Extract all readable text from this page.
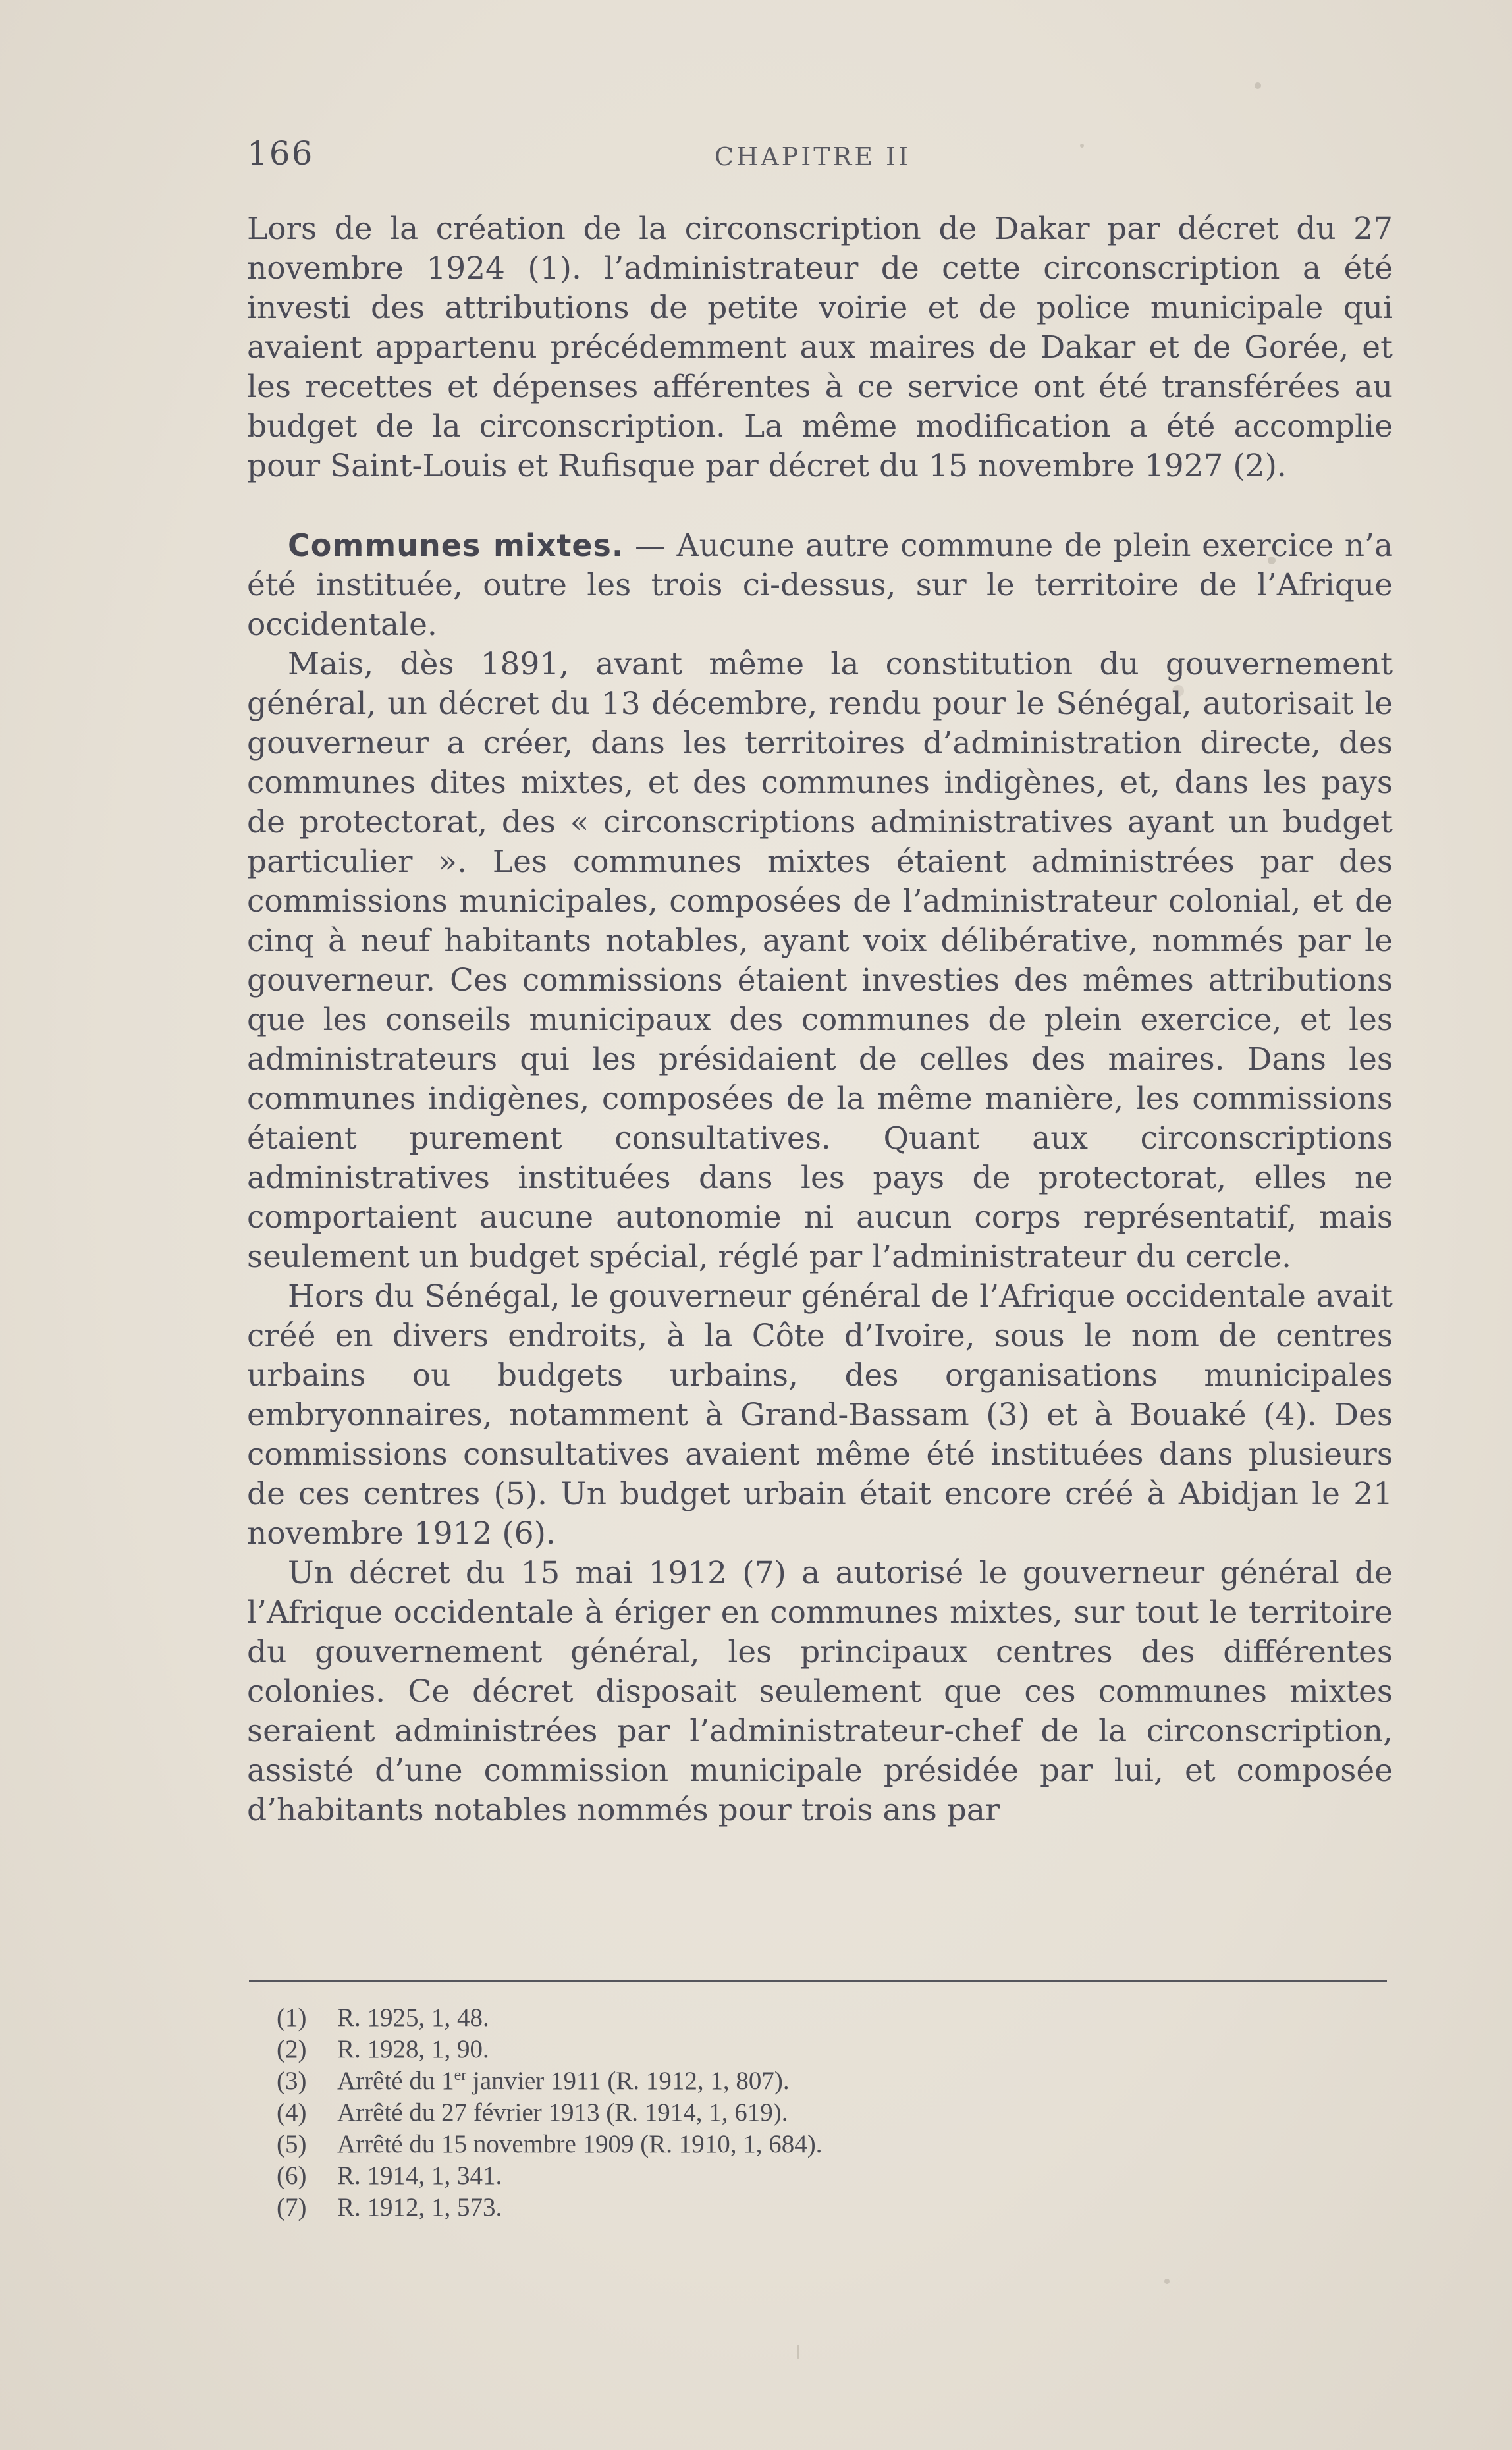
166	CHAPITRE II

Lors de la création de la circonscription de Dakar par décret du 27 novembre 1924 (1). l’administrateur de cette circonscription a été investi des attributions de petite voirie et de police municipale qui avaient appartenu précédemment aux maires de Dakar et de Gorée, et les recettes et dépenses afférentes à ce service ont été transférées au budget de la circonscription. La même modification a été accomplie pour Saint-Louis et Rufisque par décret du 15 novembre 1927 (2).

Communes mixtes. — Aucune autre commune de plein exercice n’a été instituée, outre les trois ci-dessus, sur le territoire de l’Afrique occidentale.

Mais, dès 1891, avant même la constitution du gouvernement général, un décret du 13 décembre, rendu pour le Sénégal, autorisait le gouverneur a créer, dans les territoires d’administration directe, des communes dites mixtes, et des communes indigènes, et, dans les pays de protectorat, des « circonscriptions administratives ayant un budget particulier ». Les communes mixtes étaient administrées par des commissions municipales, composées de l’administrateur colonial, et de cinq à neuf habitants notables, ayant voix délibérative, nommés par le gouverneur. Ces commissions étaient investies des mêmes attributions que les conseils municipaux des communes de plein exercice, et les administrateurs qui les présidaient de celles des maires. Dans les communes indigènes, composées de la même manière, les commissions étaient purement consultatives. Quant aux circonscriptions administratives instituées dans les pays de protectorat, elles ne comportaient aucune autonomie ni aucun corps représentatif, mais seulement un budget spécial, réglé par l’administrateur du cercle.

Hors du Sénégal, le gouverneur général de l’Afrique occidentale avait créé en divers endroits, à la Côte d’Ivoire, sous le nom de centres urbains ou budgets urbains, des organisations municipales embryonnaires, notamment à Grand-Bassam (3) et à Bouaké (4). Des commissions consultatives avaient même été instituées dans plusieurs de ces centres (5). Un budget urbain était encore créé à Abidjan le 21 novembre 1912 (6).

Un décret du 15 mai 1912 (7) a autorisé le gouverneur général de l’Afrique occidentale à ériger en communes mixtes, sur tout le territoire du gouvernement général, les principaux centres des différentes colonies. Ce décret disposait seulement que ces communes mixtes seraient administrées par l’administrateur-chef de la circonscription, assisté d’une commission municipale présidée par lui, et composée d’habitants notables nommés pour trois ans par

(1)	R. 1925, 1, 48.
(2)	R. 1928, 1, 90.
(3)	Arrêté du 1er janvier 1911 (R. 1912, 1, 807).
(4)	Arrêté du 27 février 1913 (R. 1914, 1, 619).
(5)	Arrêté du 15 novembre 1909 (R. 1910, 1, 684).
(6)	R. 1914, 1, 341.
(7)	R. 1912, 1, 573.
